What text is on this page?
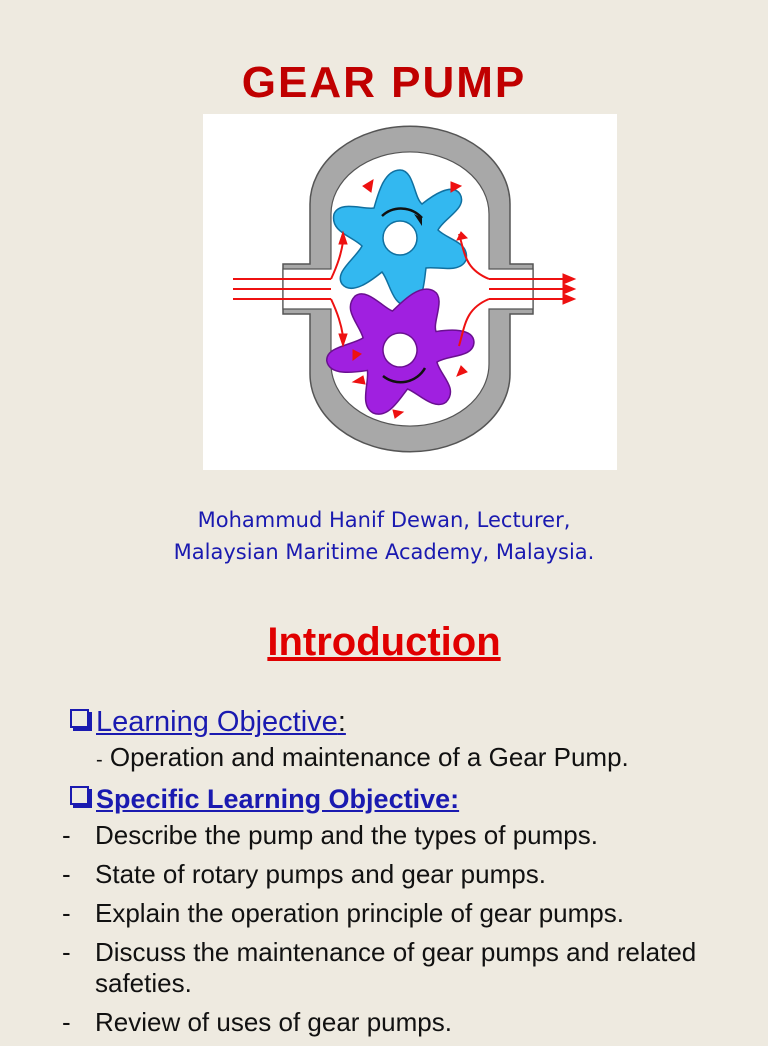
GEAR PUMP
Mohammud Hanif Dewan, Lecturer,
Malaysian Maritime Academy, Malaysia.
Introduction
Learning Objective:
- Operation and maintenance of a Gear Pump.
Specific Learning Objective:
- Describe the pump and the types of pumps.
- State of rotary pumps and gear pumps.
- Explain the operation principle of gear pumps.
- Discuss the maintenance of gear pumps and related safeties.
- Review of uses of gear pumps.
